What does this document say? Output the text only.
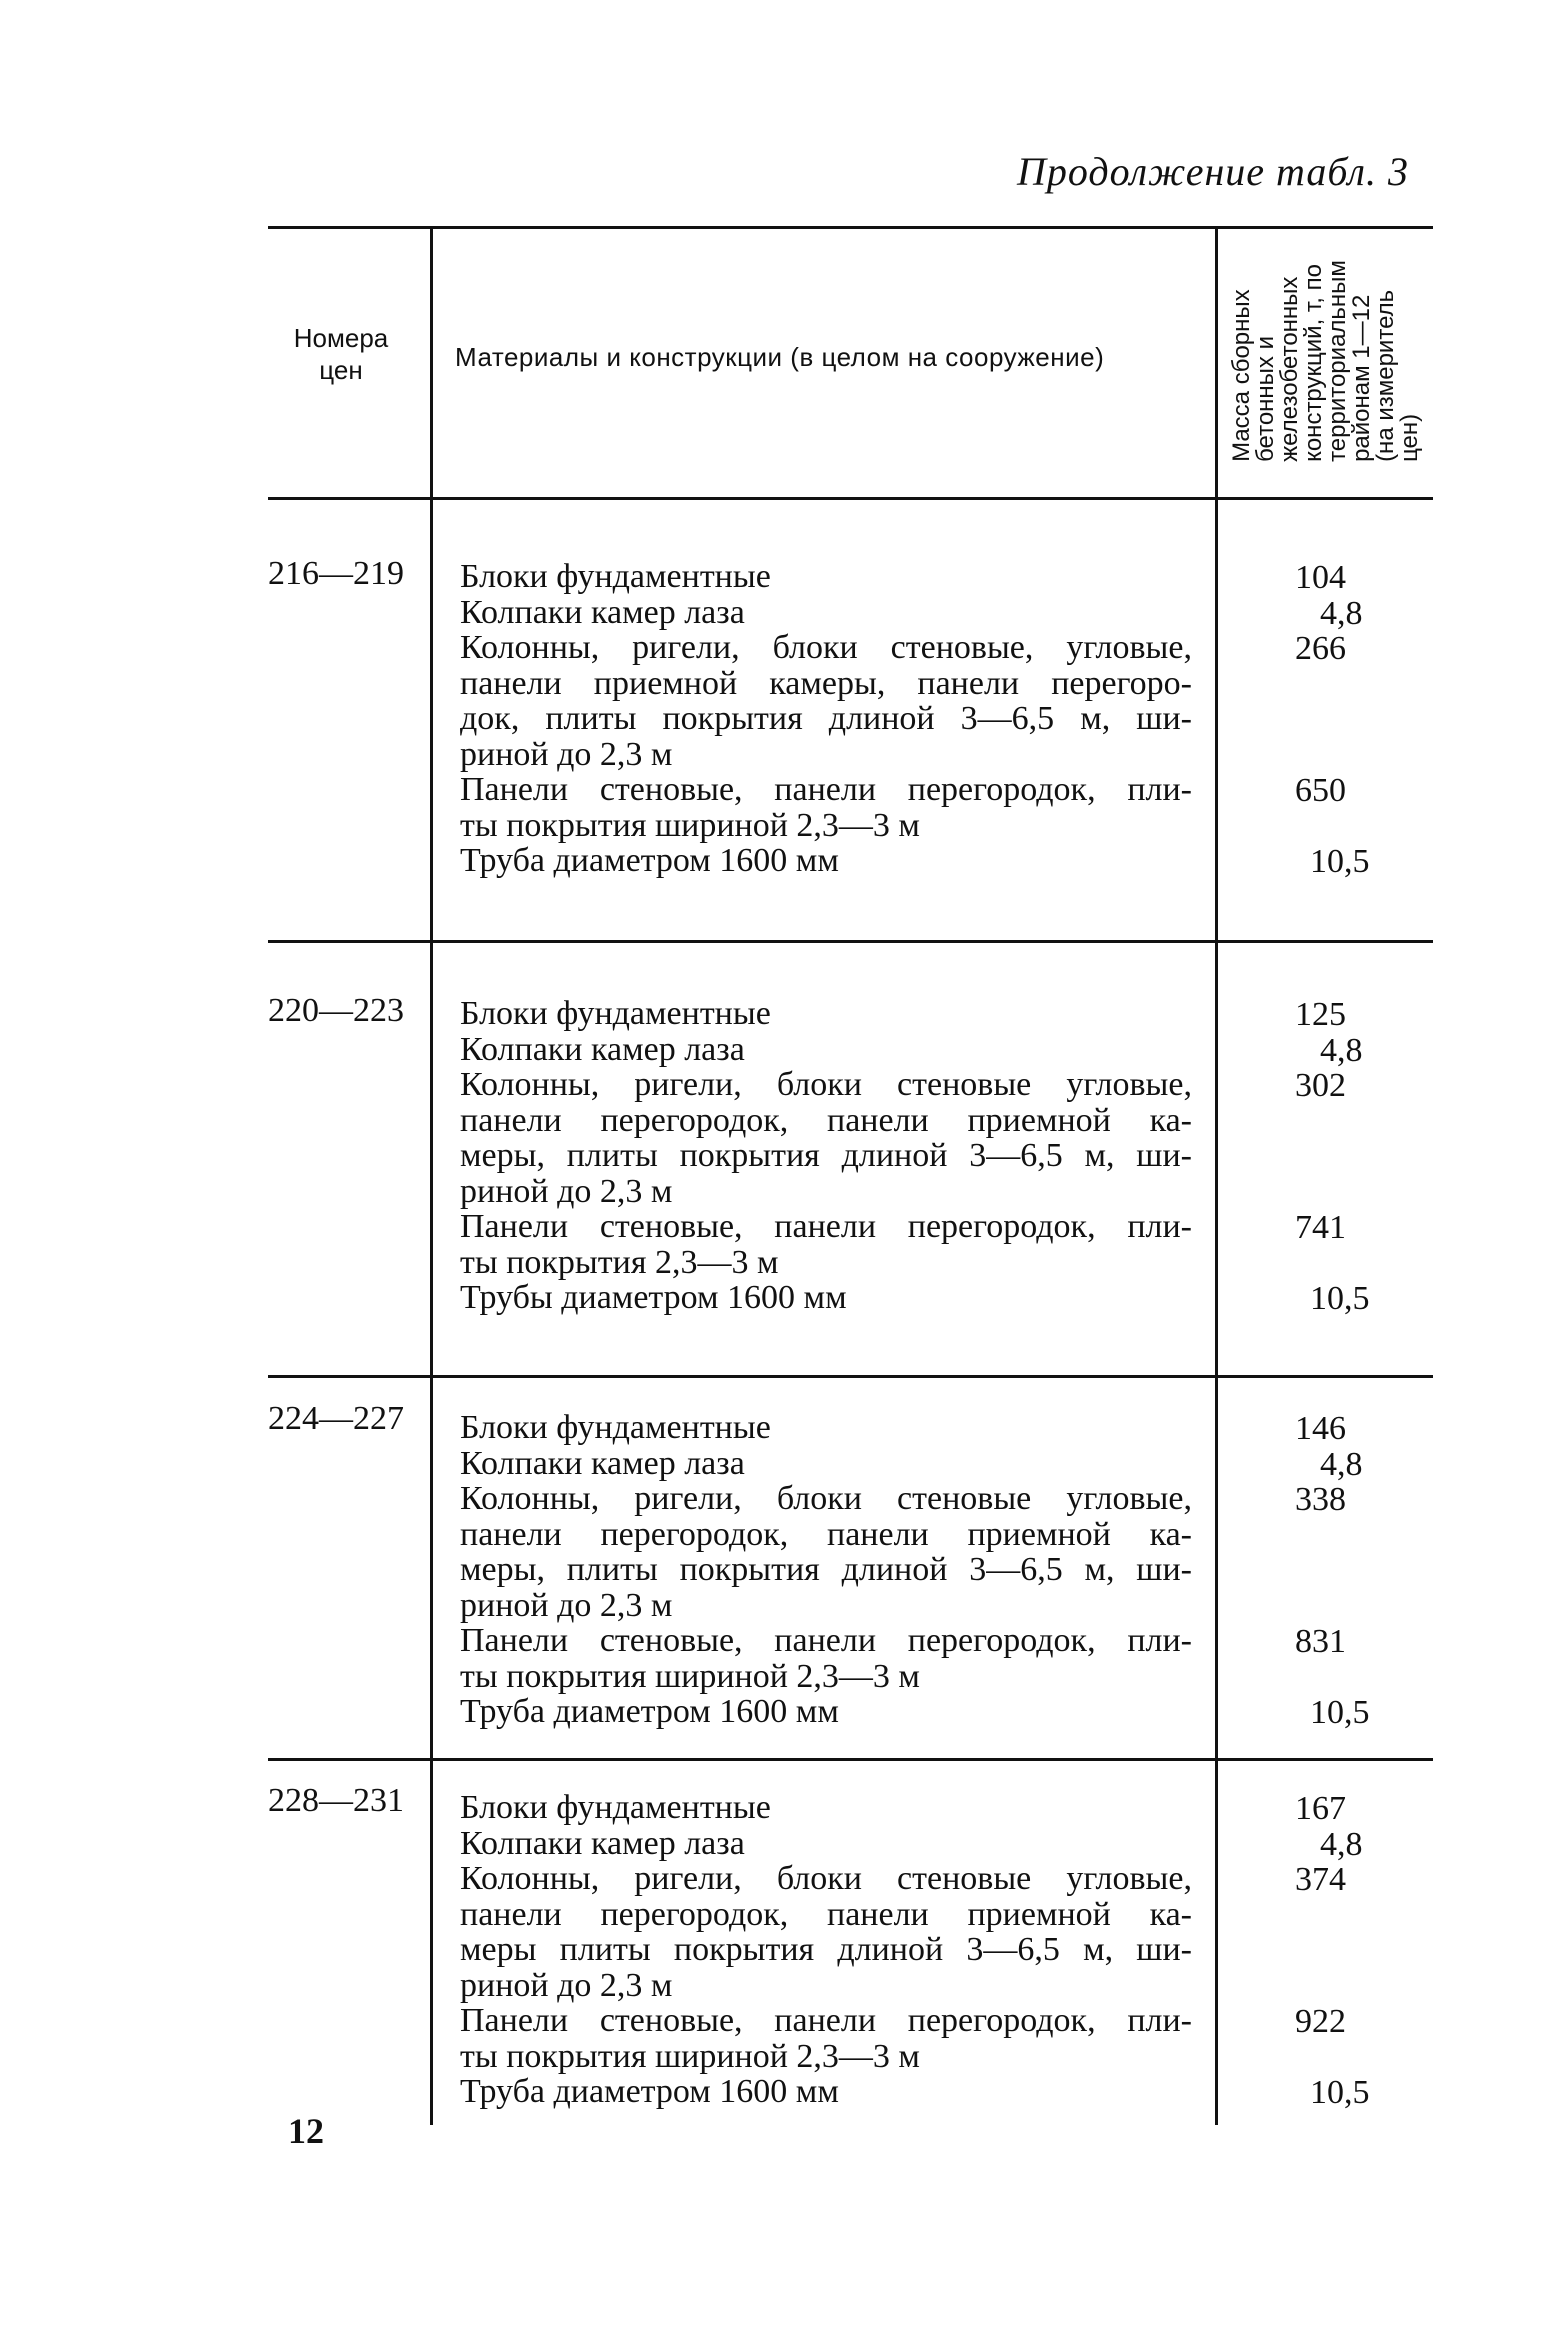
Продолжение табл. 3
Номера цен	Материалы и конструкции (в целом на сооружение)	Масса сборных бетонных и железобетонных конструкций, т, по территориальным районам 1—12 (на измеритель цен)
216—219 Блоки фундаментные
Колпаки камер лаза
Колонны, ригели, блоки стеновые, угловые,
панели приемной камеры, панели перегоро-
док, плиты покрытия длиной 3—6,5 м, ши-
риной до 2,3 м
Панели стеновые, панели перегородок, пли-
ты покрытия шириной 2,3—3 м
Труба диаметром 1600 мм
104
4,8
266
650
10,5
220—223 Блоки фундаментные
Колпаки камер лаза
Колонны, ригели, блоки стеновые угловые,
панели перегородок, панели приемной ка-
меры, плиты покрытия длиной 3—6,5 м, ши-
риной до 2,3 м
Панели стеновые, панели перегородок, пли-
ты покрытия 2,3—3 м
Трубы диаметром 1600 мм
125
4,8
302
741
10,5
224—227 Блоки фундаментные
Колпаки камер лаза
Колонны, ригели, блоки стеновые угловые,
панели перегородок, панели приемной ка-
меры, плиты покрытия длиной 3—6,5 м, ши-
риной до 2,3 м
Панели стеновые, панели перегородок, пли-
ты покрытия шириной 2,3—3 м
Труба диаметром 1600 мм
146
4,8
338
831
10,5
228—231 Блоки фундаментные
Колпаки камер лаза
Колонны, ригели, блоки стеновые угловые,
панели перегородок, панели приемной ка-
меры плиты покрытия длиной 3—6,5 м, ши-
риной до 2,3 м
Панели стеновые, панели перегородок, пли-
ты покрытия шириной 2,3—3 м
Труба диаметром 1600 мм
167
4,8
374
922
10,5
12
